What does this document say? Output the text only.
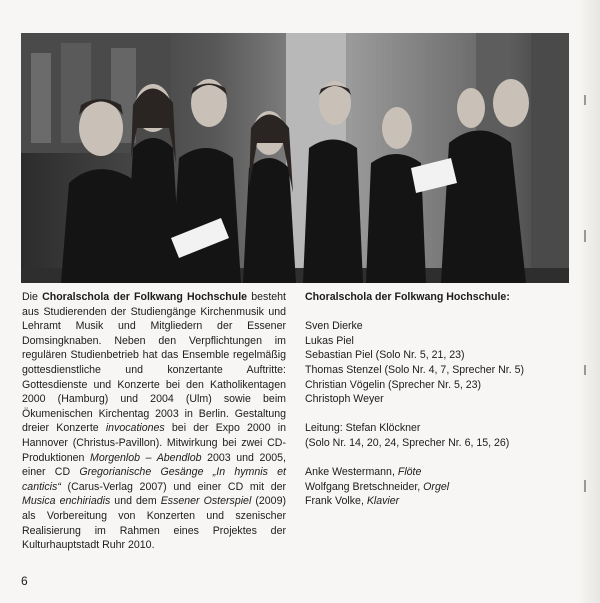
Die Choralschola der Folkwang Hochschule besteht aus Studierenden der Studiengänge Kirchenmusik und Lehramt Musik und Mitgliedern der Essener Domsingknaben. Neben den Verpflichtungen im regulären Studienbetrieb hat das Ensemble regelmäßig gottesdienstliche und konzertante Auftritte: Gottesdienste und Konzerte bei den Katholikentagen 2000 (Hamburg) und 2004 (Ulm) sowie beim Ökumenischen Kirchentag 2003 in Berlin. Gestaltung dreier Konzerte invocationes bei der Expo 2000 in Hannover (Christus-Pavillon). Mitwirkung bei zwei CD-Produktionen Morgenlob – Abendlob 2003 und 2005, einer CD Gregorianische Gesänge „In hymnis et canticis“ (Carus-Verlag 2007) und einer CD mit der Musica enchiriadis und dem Essener Osterspiel (2009) als Vorbereitung von Konzerten und szenischer Realisierung im Rahmen eines Projektes der Kulturhauptstadt Ruhr 2010.
Choralschola der Folkwang Hochschule:
Sven Dierke
Lukas Piel
Sebastian Piel (Solo Nr. 5, 21, 23)
Thomas Stenzel (Solo Nr. 4, 7, Sprecher Nr. 5)
Christian Vögelin (Sprecher Nr. 5, 23)
Christoph Weyer
Leitung: Stefan Klöckner
(Solo Nr. 14, 20, 24, Sprecher Nr. 6, 15, 26)
Anke Westermann, Flöte
Wolfgang Bretschneider, Orgel
Frank Volke, Klavier
6
